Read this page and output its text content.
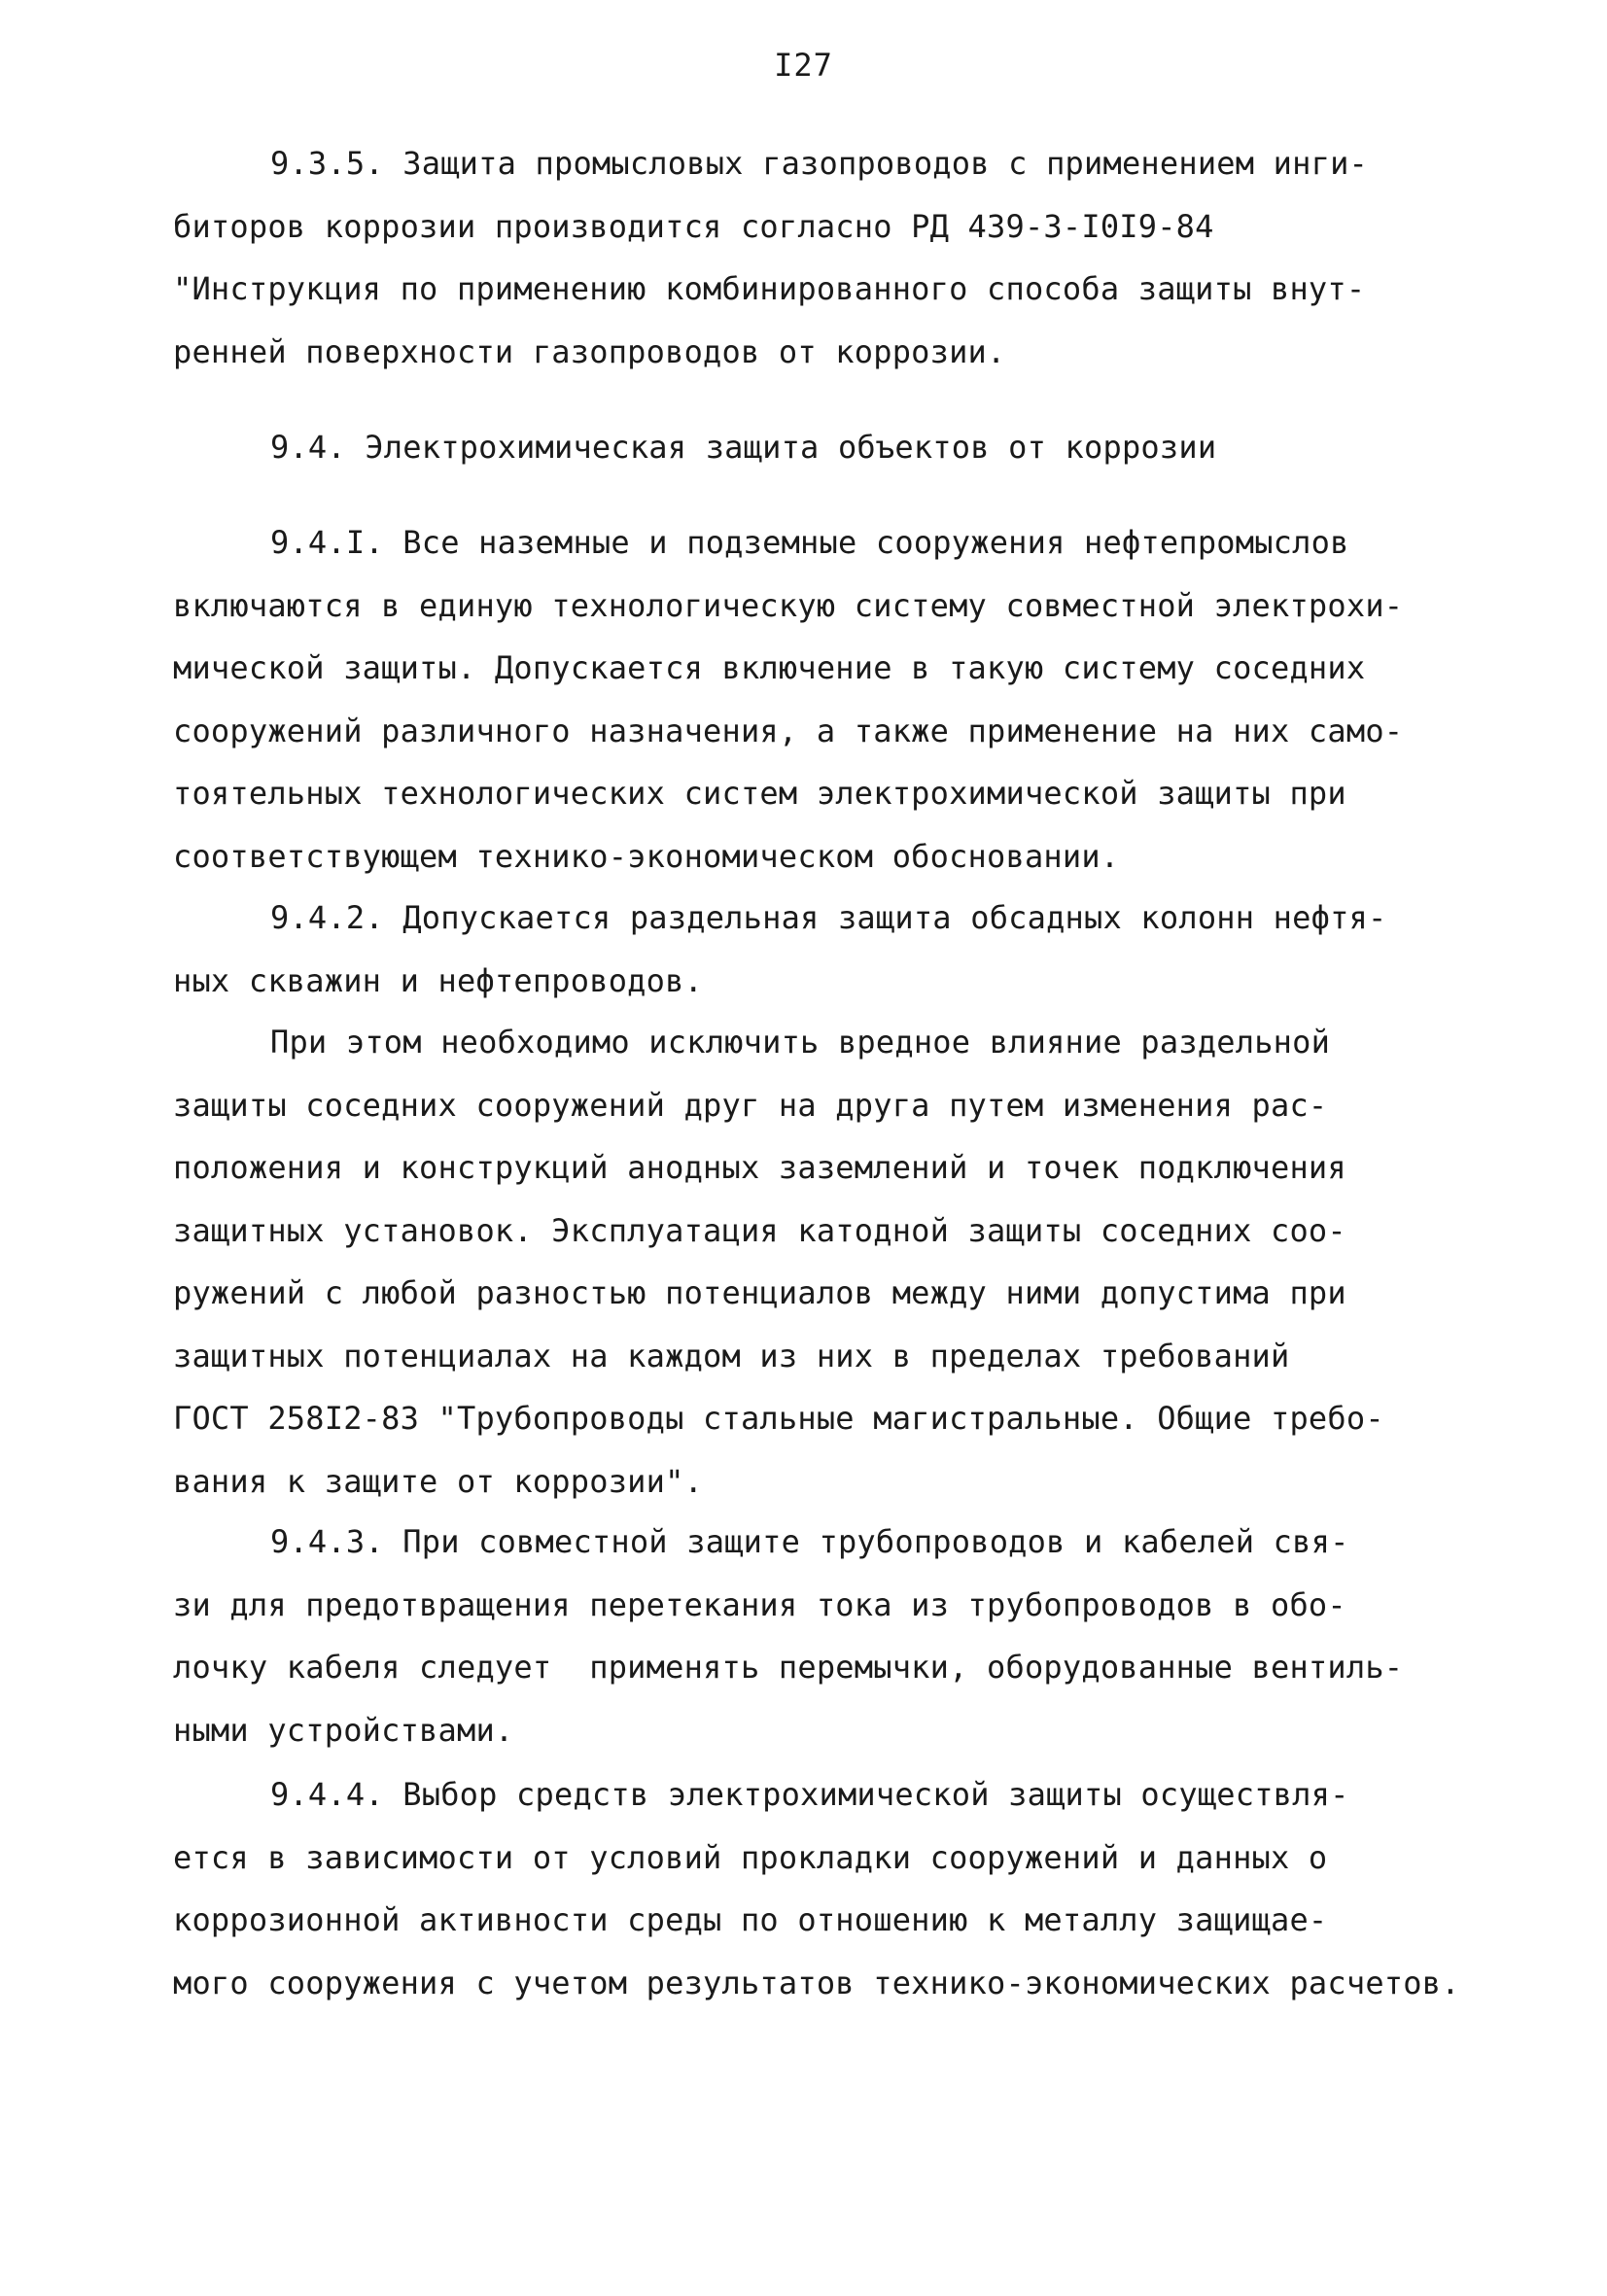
I27
9.3.5. Защита промысловых газопроводов с применением инги-
биторов коррозии производится согласно РД 439-3-I0I9-84
"Инструкция по применению комбинированного способа защиты внут-
ренней поверхности газопроводов от коррозии.
9.4. Электрохимическая защита объектов от коррозии
9.4.I. Все наземные и подземные сооружения нефтепромыслов
включаются в единую технологическую систему совместной электрохи-
мической защиты. Допускается включение в такую систему соседних
сооружений различного назначения, а также применение на них само-
тоятельных технологических систем электрохимической защиты при
соответствующем технико-экономическом обосновании.
9.4.2. Допускается раздельная защита обсадных колонн нефтя-
ных скважин и нефтепроводов.
При этом необходимо исключить вредное влияние раздельной
защиты соседних сооружений друг на друга путем изменения рас-
положения и конструкций анодных заземлений и точек подключения
защитных установок. Эксплуатация катодной защиты соседних соо-
ружений с любой разностью потенциалов между ними допустима при
защитных потенциалах на каждом из них в пределах требований
ГОСТ 258I2-83 "Трубопроводы стальные магистральные. Общие требо-
вания к защите от коррозии".
9.4.3. При совместной защите трубопроводов и кабелей свя-
зи для предотвращения перетекания тока из трубопроводов в обо-
лочку кабеля следует  применять перемычки, оборудованные вентиль-
ными устройствами.
9.4.4. Выбор средств электрохимической защиты осуществля-
ется в зависимости от условий прокладки сооружений и данных о
коррозионной активности среды по отношению к металлу защищае-
мого сооружения с учетом результатов технико-экономических расчетов.
